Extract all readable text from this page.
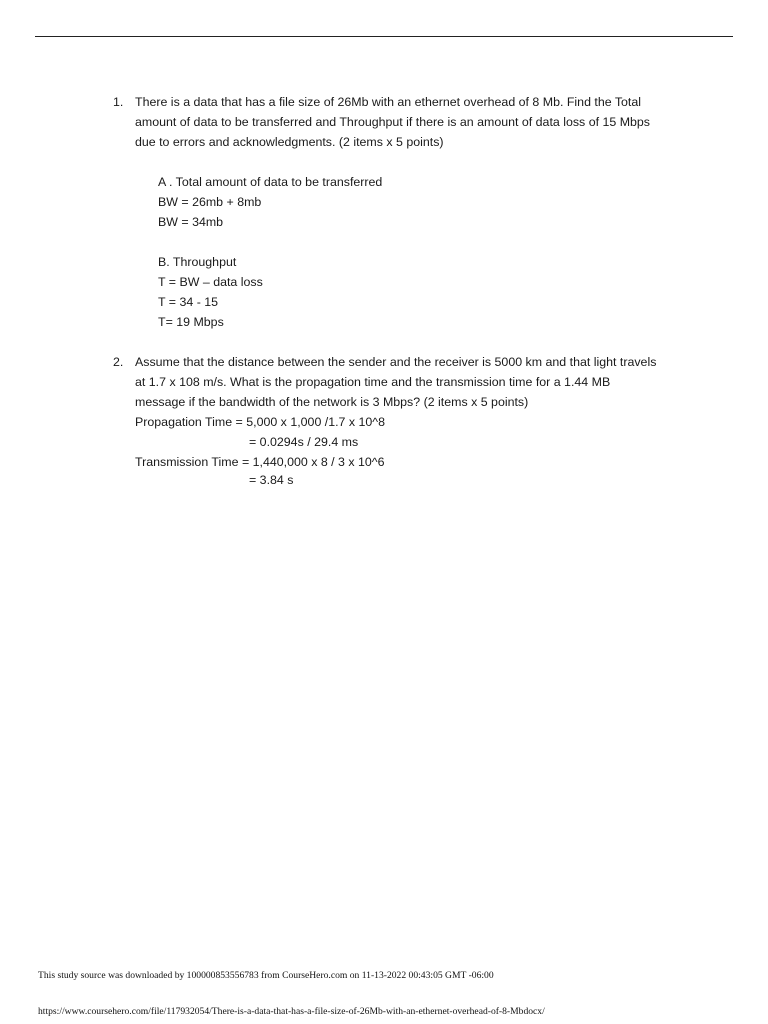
1. There is a data that has a file size of 26Mb with an ethernet overhead of 8 Mb. Find the Total
amount of data to be transferred and Throughput if there is an amount of data loss of 15 Mbps
due to errors and acknowledgments. (2 items x 5 points)
A . Total amount of data to be transferred
BW = 26mb + 8mb
BW = 34mb
B. Throughput
T = BW – data loss
T = 34 - 15
T= 19 Mbps
2. Assume that the distance between the sender and the receiver is 5000 km and that light travels
at 1.7 x 108 m/s. What is the propagation time and the transmission time for a 1.44 MB
message if the bandwidth of the network is 3 Mbps? (2 items x 5 points)
Propagation Time = 5,000 x 1,000 /1.7 x 10^8
= 0.0294s / 29.4 ms
Transmission Time = 1,440,000 x 8 / 3 x 10^6
= 3.84 s
This study source was downloaded by 100000853556783 from CourseHero.com on 11-13-2022 00:43:05 GMT -06:00
https://www.coursehero.com/file/117932054/There-is-a-data-that-has-a-file-size-of-26Mb-with-an-ethernet-overhead-of-8-Mbdocx/
